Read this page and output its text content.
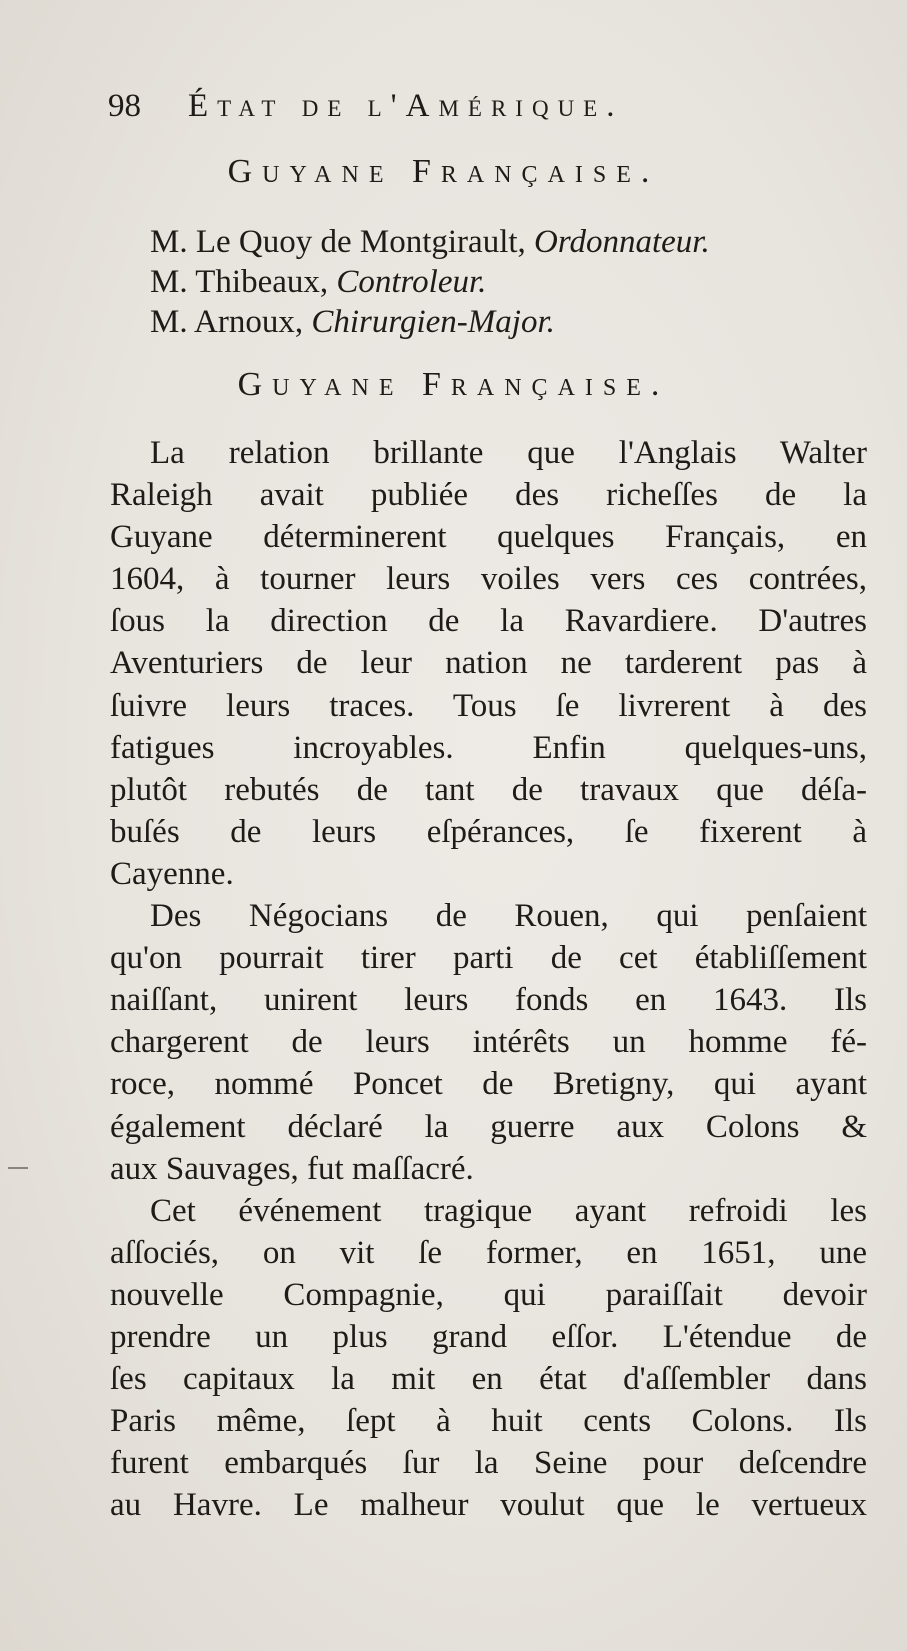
98 État de l'Amérique.
Guyane Française.
M. Le Quoy de Montgirault, Ordonnateur.
M. Thibeaux, Controleur.
M. Arnoux, Chirurgien-Major.
Guyane Française.
La relation brillante que l'Anglais Walter
Raleigh avait publiée des richeſſes de la
Guyane déterminerent quelques Français, en
1604, à tourner leurs voiles vers ces contrées,
ſous la direction de la Ravardiere. D'autres
Aventuriers de leur nation ne tarderent pas à
ſuivre leurs traces. Tous ſe livrerent à des
fatigues incroyables. Enfin quelques-uns,
plutôt rebutés de tant de travaux que déſa-
buſés de leurs eſpérances, ſe fixerent à
Cayenne.
Des Négocians de Rouen, qui penſaient
qu'on pourrait tirer parti de cet établiſſement
naiſſant, unirent leurs fonds en 1643. Ils
chargerent de leurs intérêts un homme fé-
roce, nommé Poncet de Bretigny, qui ayant
également déclaré la guerre aux Colons &
aux Sauvages, fut maſſacré.
Cet événement tragique ayant refroidi les
aſſociés, on vit ſe former, en 1651, une
nouvelle Compagnie, qui paraiſſait devoir
prendre un plus grand eſſor. L'étendue de
ſes capitaux la mit en état d'aſſembler dans
Paris même, ſept à huit cents Colons. Ils
furent embarqués ſur la Seine pour deſcendre
au Havre. Le malheur voulut que le vertueux
